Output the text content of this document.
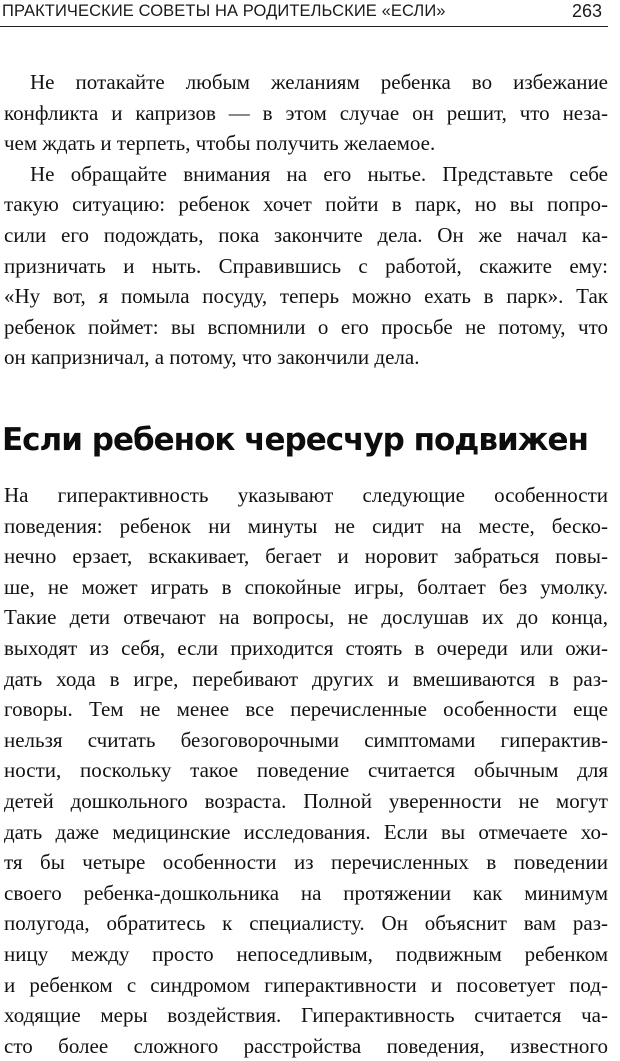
ПРАКТИЧЕСКИЕ СОВЕТЫ НА РОДИТЕЛЬСКИЕ «ЕСЛИ»	263

Не потакайте любым желаниям ребенка во избежание
конфликта и капризов — в этом случае он решит, что неза-
чем ждать и терпеть, чтобы получить желаемое.

Не обращайте внимания на его нытье. Представьте себе
такую ситуацию: ребенок хочет пойти в парк, но вы попро-
сили его подождать, пока закончите дела. Он же начал ка-
призничать и ныть. Справившись с работой, скажите ему:
«Ну вот, я помыла посуду, теперь можно ехать в парк». Так
ребенок поймет: вы вспомнили о его просьбе не потому, что
он капризничал, а потому, что закончили дела.

Если ребенок чересчур подвижен

На гиперактивность указывают следующие особенности
поведения: ребенок ни минуты не сидит на месте, беско-
нечно ерзает, вскакивает, бегает и норовит забраться повы-
ше, не может играть в спокойные игры, болтает без умолку.
Такие дети отвечают на вопросы, не дослушав их до конца,
выходят из себя, если приходится стоять в очереди или ожи-
дать хода в игре, перебивают других и вмешиваются в раз-
говоры. Тем не менее все перечисленные особенности еще
нельзя считать безоговорочными симптомами гиперактив-
ности, поскольку такое поведение считается обычным для
детей дошкольного возраста. Полной уверенности не могут
дать даже медицинские исследования. Если вы отмечаете хо-
тя бы четыре особенности из перечисленных в поведении
своего ребенка-дошкольника на протяжении как минимум
полугода, обратитесь к специалисту. Он объяснит вам раз-
ницу между просто непоседливым, подвижным ребенком
и ребенком с синдромом гиперактивности и посоветует под-
ходящие меры воздействия. Гиперактивность считается ча-
сто более сложного расстройства поведения, известного
